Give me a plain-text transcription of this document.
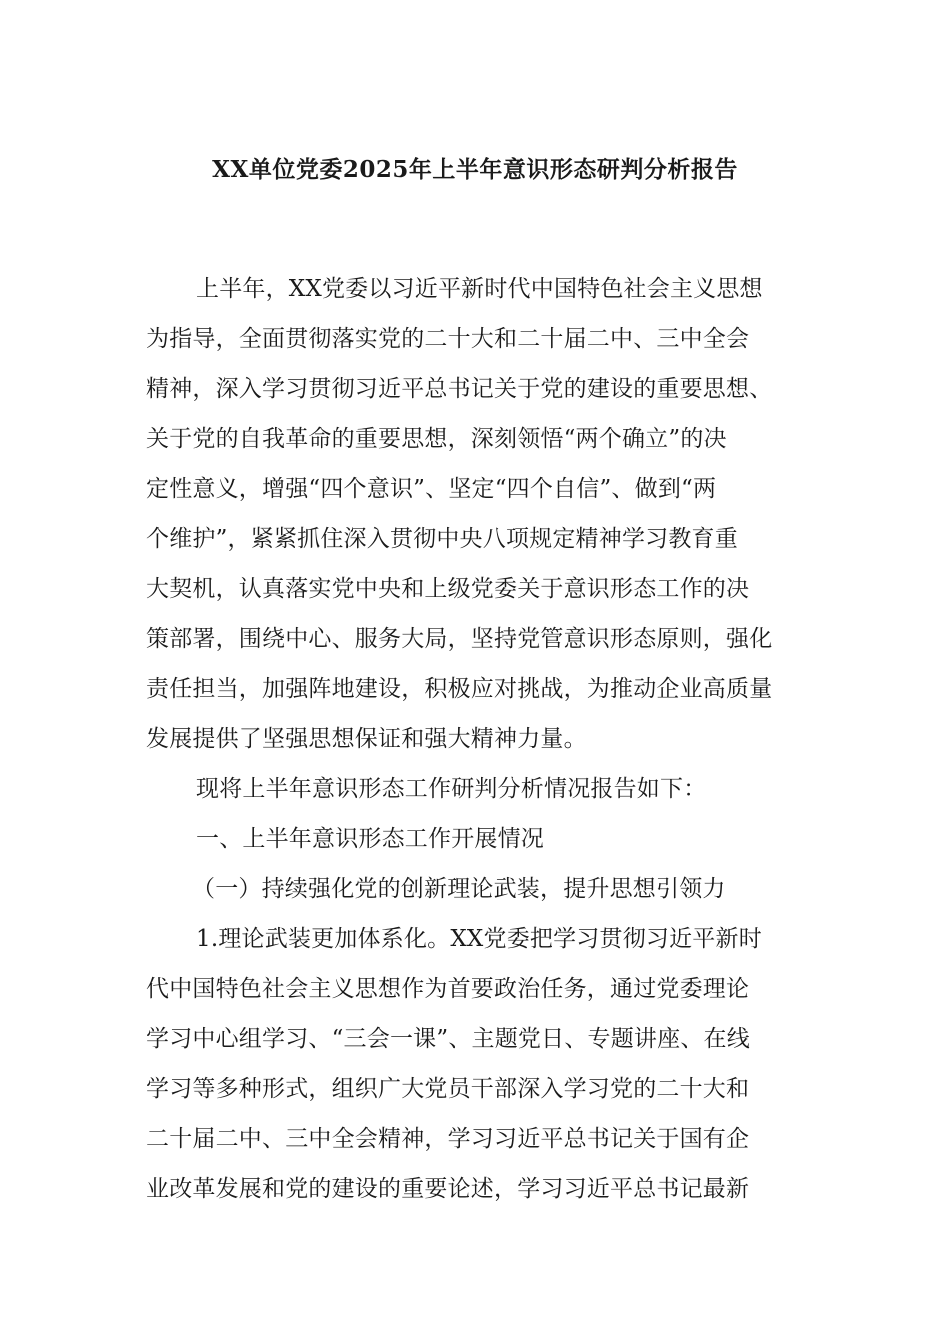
XX单位党委2025年上半年意识形态研判分析报告
上半年，XX党委以习近平新时代中国特色社会主义思想
为指导，全面贯彻落实党的二十大和二十届二中、三中全会
精神，深入学习贯彻习近平总书记关于党的建设的重要思想、
关于党的自我革命的重要思想，深刻领悟“两个确立”的决
定性意义，增强“四个意识”、坚定“四个自信”、做到“两
个维护”，紧紧抓住深入贯彻中央八项规定精神学习教育重
大契机，认真落实党中央和上级党委关于意识形态工作的决
策部署，围绕中心、服务大局，坚持党管意识形态原则，强化
责任担当，加强阵地建设，积极应对挑战，为推动企业高质量
发展提供了坚强思想保证和强大精神力量。
现将上半年意识形态工作研判分析情况报告如下：
一、上半年意识形态工作开展情况
（一）持续强化党的创新理论武装，提升思想引领力
1.理论武装更加体系化。XX党委把学习贯彻习近平新时
代中国特色社会主义思想作为首要政治任务，通过党委理论
学习中心组学习、“三会一课”、主题党日、专题讲座、在线
学习等多种形式，组织广大党员干部深入学习党的二十大和
二十届二中、三中全会精神，学习习近平总书记关于国有企
业改革发展和党的建设的重要论述，学习习近平总书记最新
